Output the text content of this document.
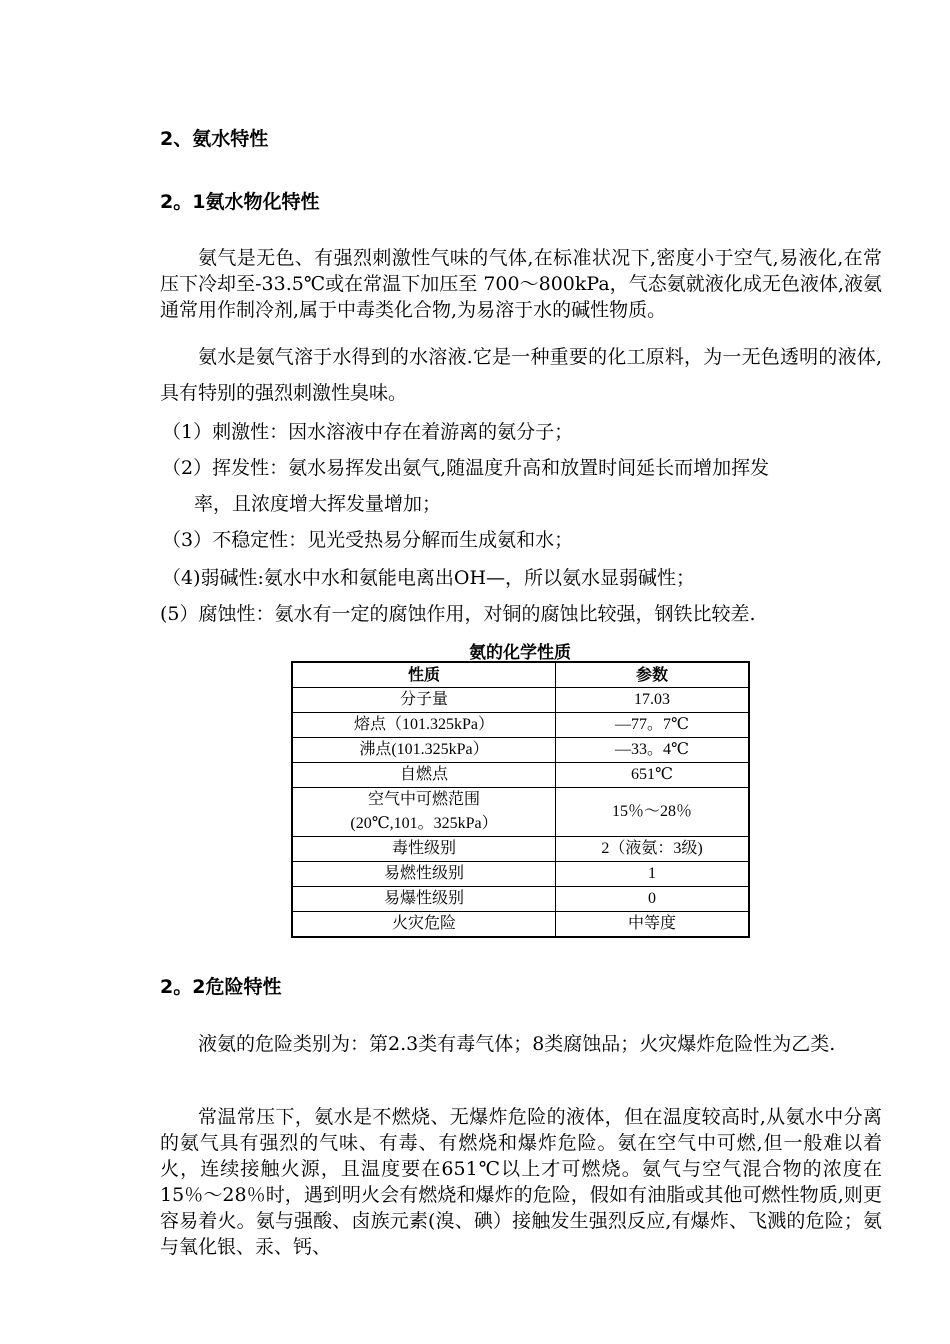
2、氨水特性
2。1氨水物化特性

氨气是无色、有强烈刺激性气味的气体,在标准状况下,密度小于空气,易液化,在常压下冷却至-33.5℃或在常温下加压至 700～800kPa，气态氨就液化成无色液体,液氨通常用作制冷剂,属于中毒类化合物,为易溶于水的碱性物质。

氨水是氨气溶于水得到的水溶液.它是一种重要的化工原料，为一无色透明的液体,具有特别的强烈刺激性臭味。

（1）刺激性：因水溶液中存在着游离的氨分子；

（2）挥发性：氨水易挥发出氨气,随温度升高和放置时间延长而增加挥发
率，且浓度增大挥发量增加；

（3）不稳定性：见光受热易分解而生成氨和水；

（4)弱碱性:氨水中水和氨能电离出OH—，所以氨水显弱碱性；

(5）腐蚀性：氨水有一定的腐蚀作用，对铜的腐蚀比较强，钢铁比较差.

氨的化学性质
性质	参数
分子量	17.03
熔点（101.325kPa）	—77。7℃
沸点(101.325kPa）	—33。4℃
自燃点	651℃

空气中可燃范围
(20℃,101。325kPa）	15％～28％
毒性级别	2（液氨：3级)
易燃性级别	1
易爆性级别	0
火灾危险	中等度
2。2危险特性

液氨的危险类别为：第2.3类有毒气体；8类腐蚀品；火灾爆炸危险性为乙类.

常温常压下，氨水是不燃烧、无爆炸危险的液体，但在温度较高时,从氨水中分离的氨气具有强烈的气味、有毒、有燃烧和爆炸危险。氨在空气中可燃,但一般难以着火，连续接触火源，且温度要在651℃以上才可燃烧。氨气与空气混合物的浓度在15％～28％时，遇到明火会有燃烧和爆炸的危险，假如有油脂或其他可燃性物质,则更容易着火。氨与强酸、卤族元素(溴、碘）接触发生强烈反应,有爆炸、飞溅的危险；氨与氧化银、汞、钙、
